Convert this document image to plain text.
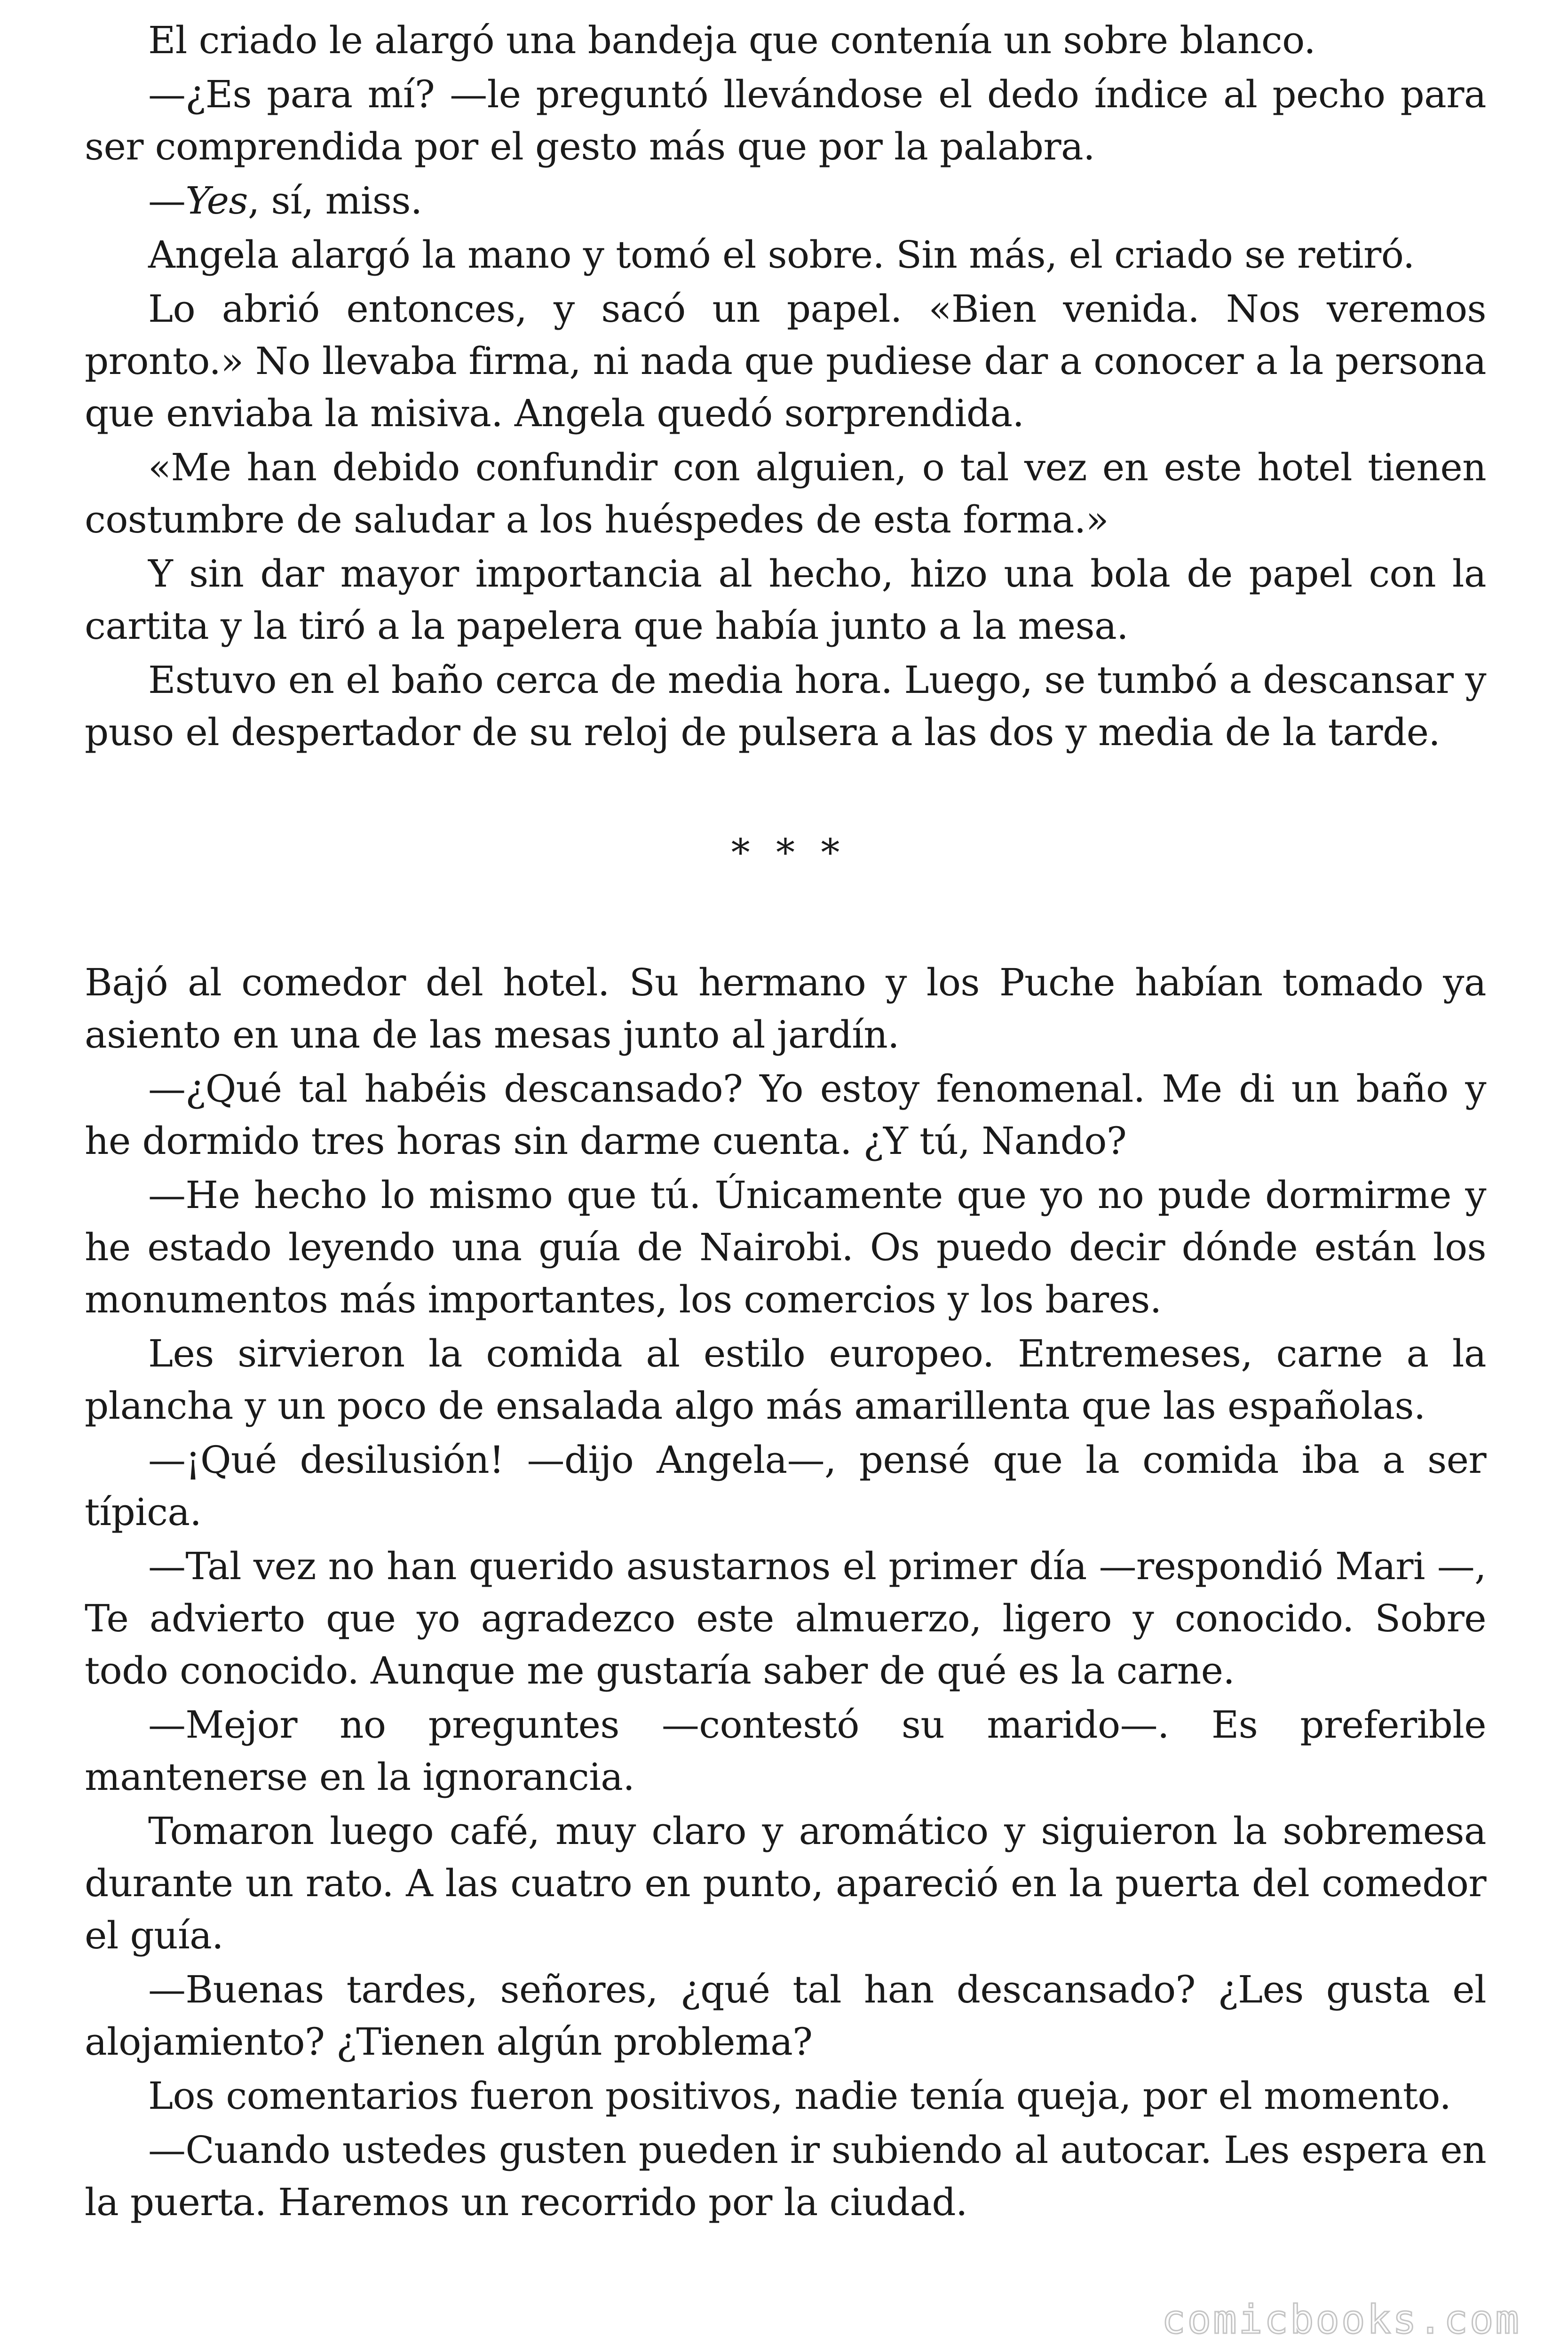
El criado le alargó una bandeja que contenía un sobre blanco.

—¿Es para mí? —le preguntó llevándose el dedo índice al pecho para ser comprendida por el gesto más que por la palabra.

—Yes, sí, miss.

Angela alargó la mano y tomó el sobre. Sin más, el criado se retiró.

Lo abrió entonces, y sacó un papel. «Bien venida. Nos veremos pronto.» No llevaba firma, ni nada que pudiese dar a conocer a la persona que enviaba la misiva. Angela quedó sorprendida.

«Me han debido confundir con alguien, o tal vez en este hotel tienen costumbre de saludar a los huéspedes de esta forma.»

Y sin dar mayor importancia al hecho, hizo una bola de papel con la cartita y la tiró a la papelera que había junto a la mesa.

Estuvo en el baño cerca de media hora. Luego, se tumbó a descansar y puso el despertador de su reloj de pulsera a las dos y media de la tarde.

* * *

Bajó al comedor del hotel. Su hermano y los Puche habían tomado ya asiento en una de las mesas junto al jardín.

—¿Qué tal habéis descansado? Yo estoy fenomenal. Me di un baño y he dormido tres horas sin darme cuenta. ¿Y tú, Nando?

—He hecho lo mismo que tú. Únicamente que yo no pude dormirme y he estado leyendo una guía de Nairobi. Os puedo decir dónde están los monumentos más importantes, los comercios y los bares.

Les sirvieron la comida al estilo europeo. Entremeses, carne a la plancha y un poco de ensalada algo más amarillenta que las españolas.

—¡Qué desilusión! —dijo Angela—, pensé que la comida iba a ser típica.

—Tal vez no han querido asustarnos el primer día —respondió Mari —, Te advierto que yo agradezco este almuerzo, ligero y conocido. Sobre todo conocido. Aunque me gustaría saber de qué es la carne.

—Mejor no preguntes —contestó su marido—. Es preferible mantenerse en la ignorancia.

Tomaron luego café, muy claro y aromático y siguieron la sobremesa durante un rato. A las cuatro en punto, apareció en la puerta del comedor el guía.

—Buenas tardes, señores, ¿qué tal han descansado? ¿Les gusta el alojamiento? ¿Tienen algún problema?

Los comentarios fueron positivos, nadie tenía queja, por el momento.

—Cuando ustedes gusten pueden ir subiendo al autocar. Les espera en la puerta. Haremos un recorrido por la ciudad.

comicbooks.com
